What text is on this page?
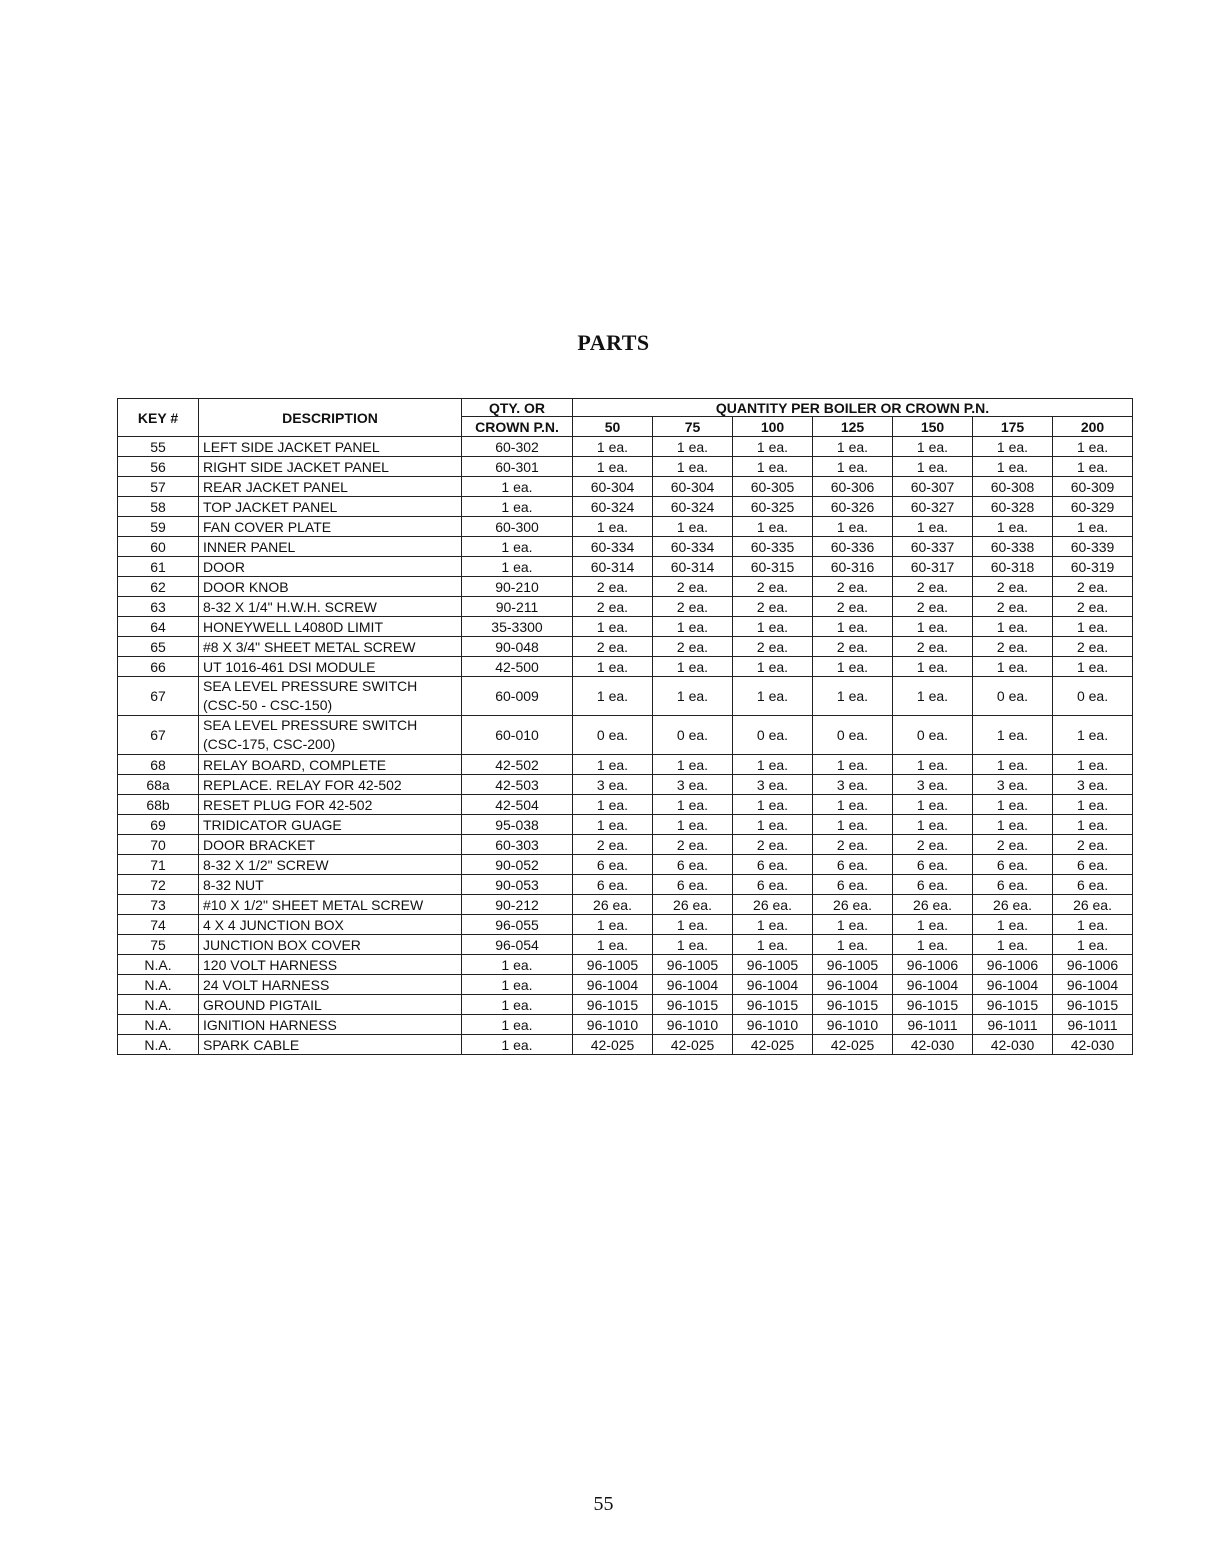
PARTS
KEY #	DESCRIPTION	QTY. OR	QUANTITY PER BOILER OR CROWN P.N.						
		CROWN P.N.	50	75	100	125	150	175	200
55	LEFT SIDE JACKET PANEL	60-302	1 ea.	1 ea.	1 ea.	1 ea.	1 ea.	1 ea.	1 ea.
56	RIGHT SIDE JACKET PANEL	60-301	1 ea.	1 ea.	1 ea.	1 ea.	1 ea.	1 ea.	1 ea.
57	REAR JACKET PANEL	1 ea.	60-304	60-304	60-305	60-306	60-307	60-308	60-309
58	TOP JACKET PANEL	1 ea.	60-324	60-324	60-325	60-326	60-327	60-328	60-329
59	FAN COVER PLATE	60-300	1 ea.	1 ea.	1 ea.	1 ea.	1 ea.	1 ea.	1 ea.
60	INNER PANEL	1 ea.	60-334	60-334	60-335	60-336	60-337	60-338	60-339
61	DOOR	1 ea.	60-314	60-314	60-315	60-316	60-317	60-318	60-319
62	DOOR KNOB	90-210	2 ea.	2 ea.	2 ea.	2 ea.	2 ea.	2 ea.	2 ea.
63	8-32 X 1/4" H.W.H. SCREW	90-211	2 ea.	2 ea.	2 ea.	2 ea.	2 ea.	2 ea.	2 ea.
64	HONEYWELL L4080D LIMIT	35-3300	1 ea.	1 ea.	1 ea.	1 ea.	1 ea.	1 ea.	1 ea.
65	#8 X 3/4" SHEET METAL SCREW	90-048	2 ea.	2 ea.	2 ea.	2 ea.	2 ea.	2 ea.	2 ea.
66	UT 1016-461 DSI MODULE	42-500	1 ea.	1 ea.	1 ea.	1 ea.	1 ea.	1 ea.	1 ea.
67	SEA LEVEL PRESSURE SWITCH (CSC-50 - CSC-150)	60-009	1 ea.	1 ea.	1 ea.	1 ea.	1 ea.	0 ea.	0 ea.
67	SEA LEVEL PRESSURE SWITCH (CSC-175, CSC-200)	60-010	0 ea.	0 ea.	0 ea.	0 ea.	0 ea.	1 ea.	1 ea.
68	RELAY BOARD, COMPLETE	42-502	1 ea.	1 ea.	1 ea.	1 ea.	1 ea.	1 ea.	1 ea.
68a	REPLACE. RELAY FOR 42-502	42-503	3 ea.	3 ea.	3 ea.	3 ea.	3 ea.	3 ea.	3 ea.
68b	RESET PLUG FOR 42-502	42-504	1 ea.	1 ea.	1 ea.	1 ea.	1 ea.	1 ea.	1 ea.
69	TRIDICATOR GUAGE	95-038	1 ea.	1 ea.	1 ea.	1 ea.	1 ea.	1 ea.	1 ea.
70	DOOR BRACKET	60-303	2 ea.	2 ea.	2 ea.	2 ea.	2 ea.	2 ea.	2 ea.
71	8-32 X 1/2" SCREW	90-052	6 ea.	6 ea.	6 ea.	6 ea.	6 ea.	6 ea.	6 ea.
72	8-32 NUT	90-053	6 ea.	6 ea.	6 ea.	6 ea.	6 ea.	6 ea.	6 ea.
73	#10 X 1/2" SHEET METAL SCREW	90-212	26 ea.	26 ea.	26 ea.	26 ea.	26 ea.	26 ea.	26 ea.
74	4 X 4 JUNCTION BOX	96-055	1 ea.	1 ea.	1 ea.	1 ea.	1 ea.	1 ea.	1 ea.
75	JUNCTION BOX COVER	96-054	1 ea.	1 ea.	1 ea.	1 ea.	1 ea.	1 ea.	1 ea.
N.A.	120 VOLT HARNESS	1 ea.	96-1005	96-1005	96-1005	96-1005	96-1006	96-1006	96-1006
N.A.	24 VOLT HARNESS	1 ea.	96-1004	96-1004	96-1004	96-1004	96-1004	96-1004	96-1004
N.A.	GROUND PIGTAIL	1 ea.	96-1015	96-1015	96-1015	96-1015	96-1015	96-1015	96-1015
N.A.	IGNITION HARNESS	1 ea.	96-1010	96-1010	96-1010	96-1010	96-1011	96-1011	96-1011
N.A.	SPARK CABLE	1 ea.	42-025	42-025	42-025	42-025	42-030	42-030	42-030
55
